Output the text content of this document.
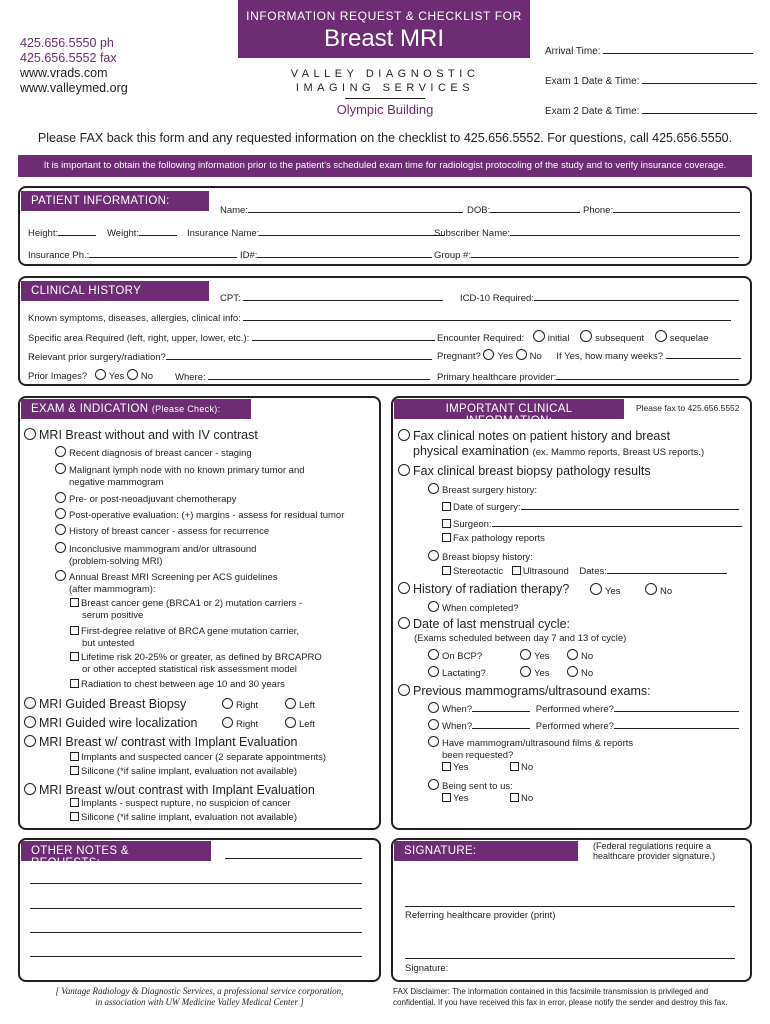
425.656.5550 ph
425.656.5552 fax
www.vrads.com
www.valleymed.org
INFORMATION REQUEST & CHECKLIST FOR
Breast MRI
VALLEY DIAGNOSTIC
IMAGING SERVICES
Olympic Building
Arrival Time:
Exam 1 Date & Time:
Exam 2 Date & Time:
Please FAX back this form and any requested information on the checklist to 425.656.5552. For questions, call 425.656.5550.
It is important to obtain the following information prior to the patient's scheduled exam time for radiologist protocoling of the study and to verify insurance coverage.
PATIENT INFORMATION:
Name:	DOB:	Phone:
Height:	Weight:	Insurance Name:	Subscriber Name:
Insurance Ph.:	ID#:	Group #:
CLINICAL HISTORY
CPT:	ICD-10 Required:
Known symptoms, diseases, allergies, clinical info:
Specific area Required (left, right, upper, lower, etc.):	Encounter Required: initial	subsequent	sequelae
Relevant prior surgery/radiation?	Pregnant? Yes No If Yes, how many weeks?
Prior Images? Yes No Where:	Primary healthcare provider:
EXAM & INDICATION (Please Check):
MRI Breast without and with IV contrast
Recent diagnosis of breast cancer - staging
Malignant lymph node with no known primary tumor and
negative mammogram
Pre- or post-neoadjuvant chemotherapy
Post-operative evaluation: (+) margins - assess for residual tumor
History of breast cancer - assess for recurrence
Inconclusive mammogram and/or ultrasound
(problem-solving MRI)
Annual Breast MRI Screening per ACS guidelines
(after mammogram):
Breast cancer gene (BRCA1 or 2) mutation carriers -
serum positive
First-degree relative of BRCA gene mutation carrier,
but untested
Lifetime risk 20-25% or greater, as defined by BRCAPRO
or other accepted statistical risk assessment model
Radiation to chest between age 10 and 30 years
MRI Guided Breast Biopsy	Right	Left
MRI Guided wire localization	Right	Left
MRI Breast w/ contrast with Implant Evaluation
Implants and suspected cancer (2 separate appointments)
Silicone (*if saline implant, evaluation not available)
MRI Breast w/out contrast with Implant Evaluation
Implants - suspect rupture, no suspicion of cancer
Silicone (*if saline implant, evaluation not available)
IMPORTANT CLINICAL INFORMATION:
Please fax to 425.656.5552
Fax clinical notes on patient history and breast
physical examination (ex. Mammo reports, Breast US reports.)
Fax clinical breast biopsy pathology results
Breast surgery history:
Date of surgery:
Surgeon:
Fax pathology reports
Breast biopsy history:
Stereotactic Ultrasound Dates:
History of radiation therapy?	Yes	No
When completed?
Date of last menstrual cycle:
(Exams scheduled between day 7 and 13 of cycle)
On BCP?	Yes	No
Lactating?	Yes	No
Previous mammograms/ultrasound exams:
When?	Performed where?
When?	Performed where?
Have mammogram/ultrasound films & reports
been requested?
Yes	No
Being sent to us:
Yes	No
OTHER NOTES & REQUESTS:
SIGNATURE:	(Federal regulations require a
healthcare provider signature.)
Referring healthcare provider (print)
Signature:
[ Vantage Radiology & Diagnostic Services, a professional service corporation,
in association with UW Medicine Valley Medical Center ]
FAX Disclaimer: The information contained in this facsimile transmission is privileged and
confidential. If you have received this fax in error, please notify the sender and destroy this fax.
